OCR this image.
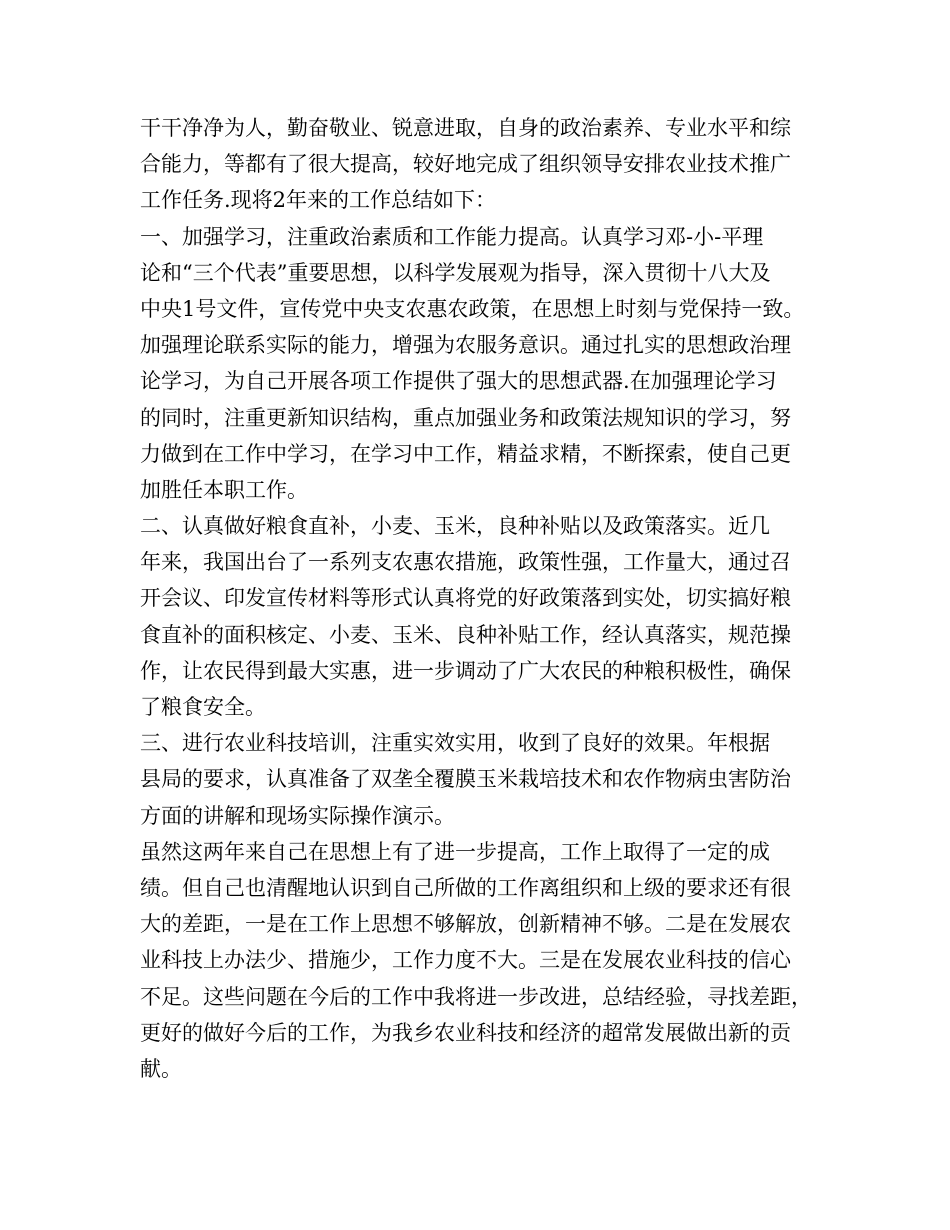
干干净净为人，勤奋敬业、锐意进取，自身的政治素养、专业水平和综
合能力，等都有了很大提高，较好地完成了组织领导安排农业技术推广
工作任务.现将2年来的工作总结如下：
一、加强学习，注重政治素质和工作能力提高。认真学习邓-小-平理
论和“三个代表”重要思想，以科学发展观为指导，深入贯彻十八大及
中央1号文件，宣传党中央支农惠农政策，在思想上时刻与党保持一致。
加强理论联系实际的能力，增强为农服务意识。通过扎实的思想政治理
论学习，为自己开展各项工作提供了强大的思想武器.在加强理论学习
的同时，注重更新知识结构，重点加强业务和政策法规知识的学习，努
力做到在工作中学习，在学习中工作，精益求精，不断探索，使自己更
加胜任本职工作。
二、认真做好粮食直补，小麦、玉米，良种补贴以及政策落实。近几
年来，我国出台了一系列支农惠农措施，政策性强，工作量大，通过召
开会议、印发宣传材料等形式认真将党的好政策落到实处，切实搞好粮
食直补的面积核定、小麦、玉米、良种补贴工作，经认真落实，规范操
作，让农民得到最大实惠，进一步调动了广大农民的种粮积极性，确保
了粮食安全。
三、进行农业科技培训，注重实效实用，收到了良好的效果。年根据
县局的要求，认真准备了双垄全覆膜玉米栽培技术和农作物病虫害防治
方面的讲解和现场实际操作演示。
虽然这两年来自己在思想上有了进一步提高，工作上取得了一定的成
绩。但自己也清醒地认识到自己所做的工作离组织和上级的要求还有很
大的差距，一是在工作上思想不够解放，创新精神不够。二是在发展农
业科技上办法少、措施少，工作力度不大。三是在发展农业科技的信心
不足。这些问题在今后的工作中我将进一步改进，总结经验，寻找差距，
更好的做好今后的工作，为我乡农业科技和经济的超常发展做出新的贡
献。
